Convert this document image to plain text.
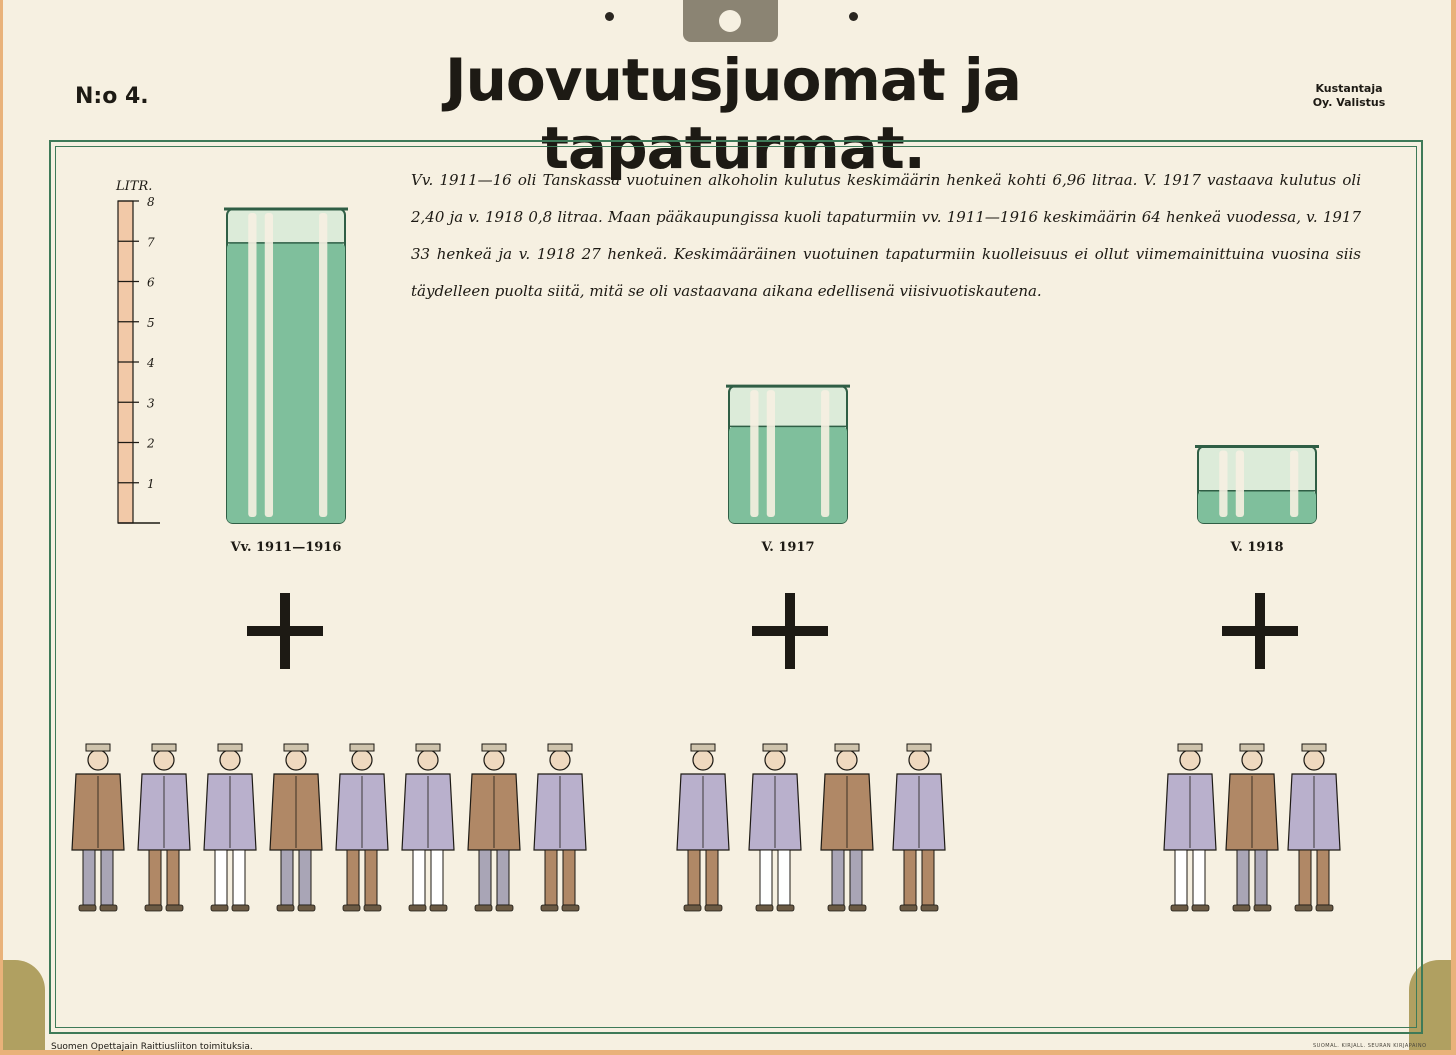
N:o 4.	Juovutusjuomat ja tapaturmat.
Kustantaja
Oy. Valistus
Vv. 1911—16 oli Tanskassa vuotuinen alkoholin kulutus keskimäärin henkeä kohti 6,96 litraa. V. 1917 vastaava kulutus oli 2,40 ja v. 1918 0,8 litraa. Maan pääkaupungissa kuoli tapaturmiin vv. 1911—1916 keskimäärin 64 henkeä vuodessa, v. 1917 33 henkeä ja v. 1918 27 henkeä. Keskimääräinen vuotuinen tapaturmiin kuolleisuus ei ollut viimemainittuina vuosina siis täydelleen puolta siitä, mitä se oli vastaavana aikana edellisenä viisivuotiskautena.
LITR.
1
2
3
4
5
6
7
8
Vv. 1911—1916	V. 1917	V. 1918
Suomen Opettajain Raittiusliiton toimituksia.	SUOMAL. KIRJALL. SEURAN KIRJAPAINO
